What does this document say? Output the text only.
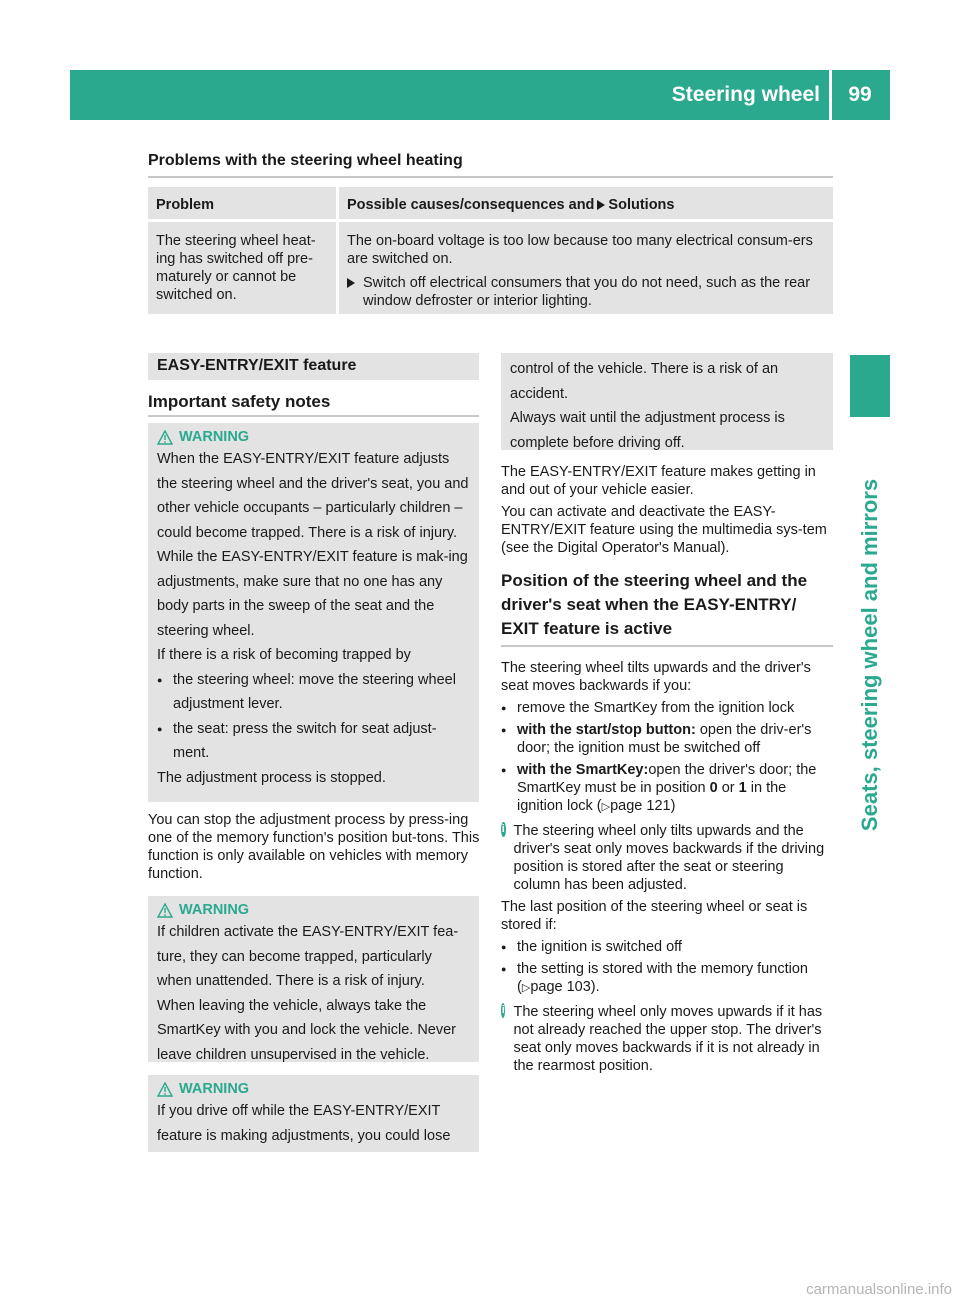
Steering wheel	99
Seats, steering wheel and mirrors
Problems with the steering wheel heating
Problem	Possible causes/consequences and Solutions
The steering wheel heat-ing has switched off pre-maturely or cannot be switched on.

The on-board voltage is too low because too many electrical consum-ers are switched on.

Switch off electrical consumers that you do not need, such as the rear window defroster or interior lighting.

EASY-ENTRY/EXIT feature
Important safety notes
WARNING

When the EASY-ENTRY/EXIT feature adjusts the steering wheel and the driver's seat, you and other vehicle occupants – particularly children – could become trapped. There is a risk of injury.

While the EASY-ENTRY/EXIT feature is mak-ing adjustments, make sure that no one has any body parts in the sweep of the seat and the steering wheel.

If there is a risk of becoming trapped by

● the steering wheel: move the steering wheel adjustment lever.

● the seat: press the switch for seat adjust-ment.

The adjustment process is stopped.

You can stop the adjustment process by press-ing one of the memory function's position but-tons. This function is only available on vehicles with memory function.

WARNING

If children activate the EASY-ENTRY/EXIT fea-ture, they can become trapped, particularly when unattended. There is a risk of injury.

When leaving the vehicle, always take the SmartKey with you and lock the vehicle. Never leave children unsupervised in the vehicle.

WARNING

If you drive off while the EASY-ENTRY/EXIT feature is making adjustments, you could lose

control of the vehicle. There is a risk of an accident.

Always wait until the adjustment process is complete before driving off.

The EASY-ENTRY/EXIT feature makes getting in and out of your vehicle easier.

You can activate and deactivate the EASY-ENTRY/EXIT feature using the multimedia sys-tem (see the Digital Operator's Manual).

Position of the steering wheel and the driver's seat when the EASY-ENTRY/ EXIT feature is active

The steering wheel tilts upwards and the driver's seat moves backwards if you:

● remove the SmartKey from the ignition lock

● with the start/stop button: open the driv-er's door; the ignition must be switched off

● with the SmartKey:open the driver's door; the SmartKey must be in position 0 or 1 in the ignition lock (▷page 121)

i The steering wheel only tilts upwards and the driver's seat only moves backwards if the driving position is stored after the seat or steering column has been adjusted.

The last position of the steering wheel or seat is stored if:

● the ignition is switched off

● the setting is stored with the memory function (▷page 103).

i The steering wheel only moves upwards if it has not already reached the upper stop. The driver's seat only moves backwards if it is not already in the rearmost position.

carmanualsonline.info
